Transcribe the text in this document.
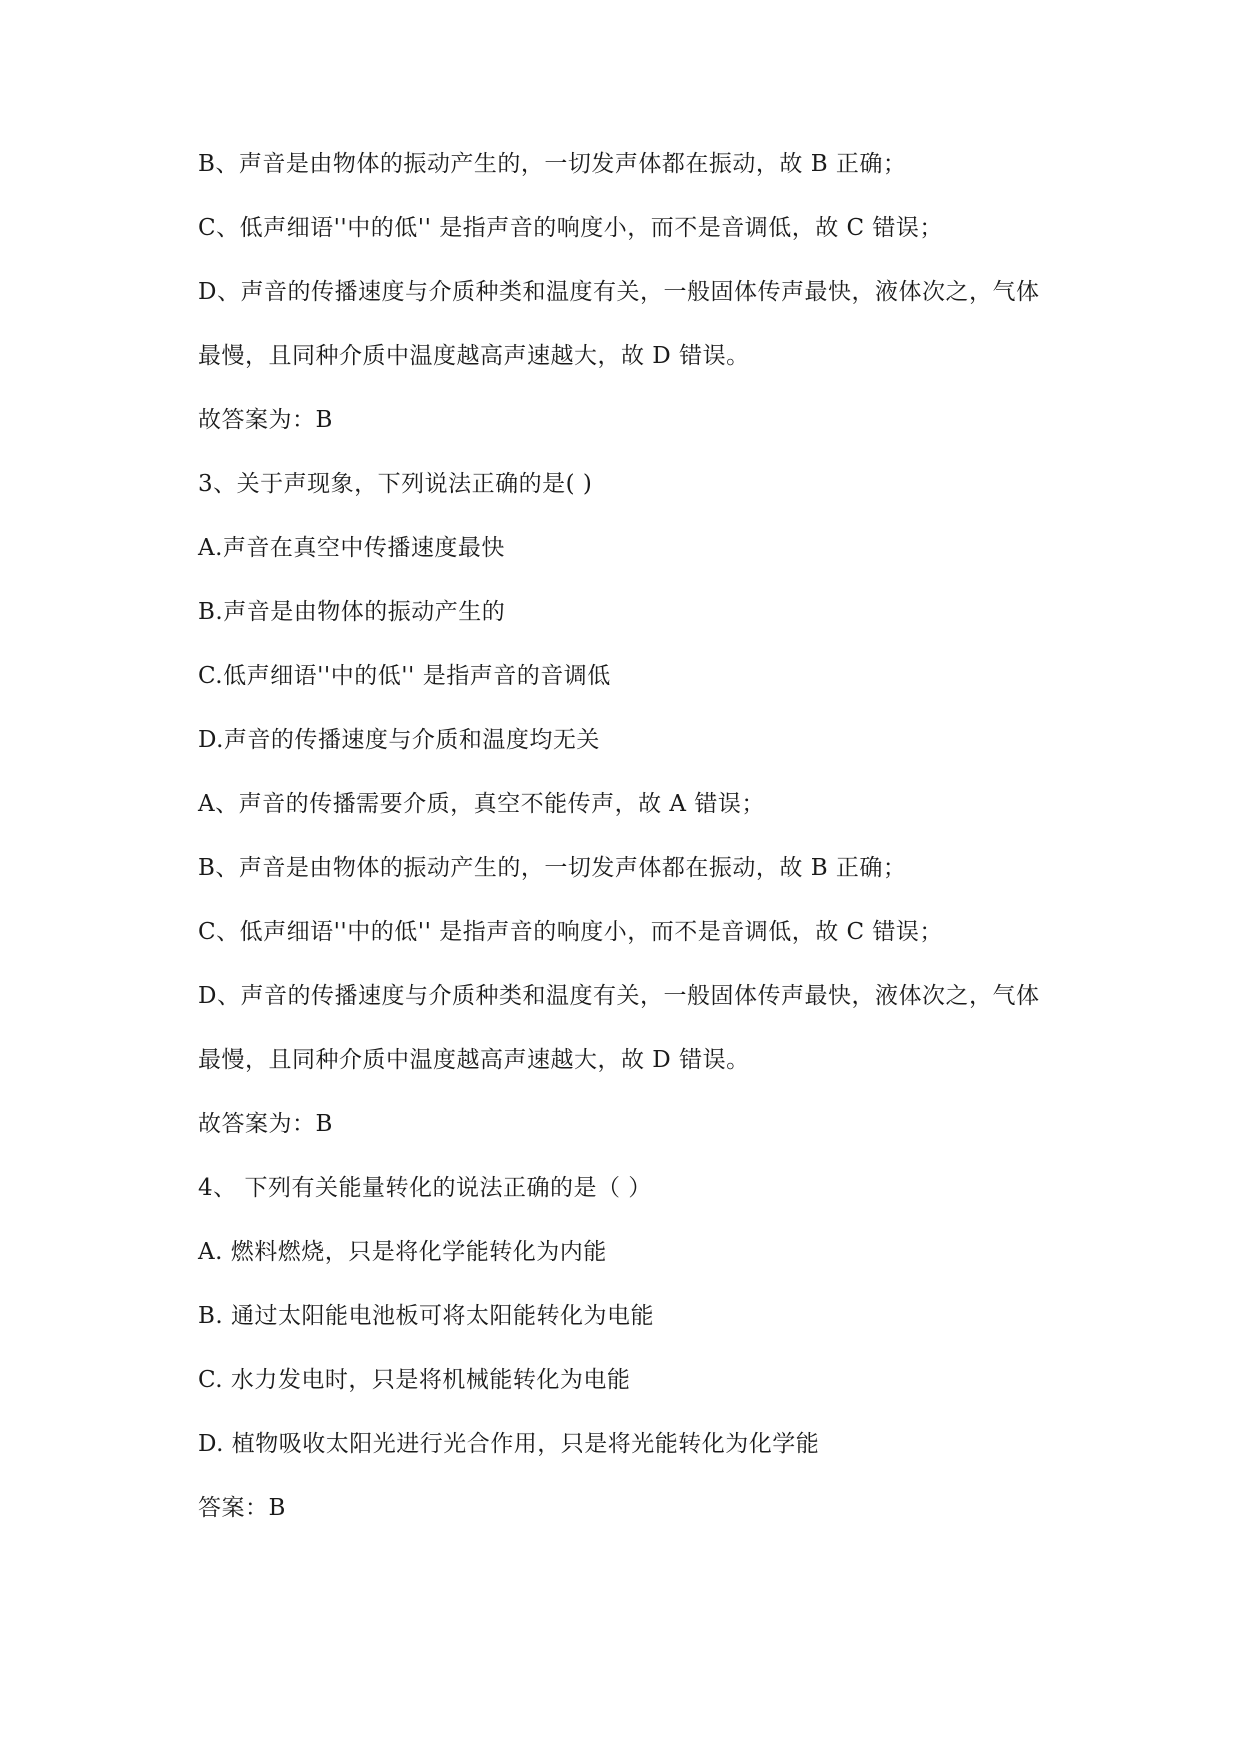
B、声音是由物体的振动产生的，一切发声体都在振动，故 B 正确；
C、低声细语''中的低'' 是指声音的响度小，而不是音调低，故 C 错误；
D、声音的传播速度与介质种类和温度有关，一般固体传声最快，液体次之，气体
最慢，且同种介质中温度越高声速越大，故 D 错误。
故答案为：B
3、关于声现象，下列说法正确的是( )
A.声音在真空中传播速度最快
B.声音是由物体的振动产生的
C.低声细语''中的低'' 是指声音的音调低
D.声音的传播速度与介质和温度均无关
A、声音的传播需要介质，真空不能传声，故 A 错误；
B、声音是由物体的振动产生的，一切发声体都在振动，故 B 正确；
C、低声细语''中的低'' 是指声音的响度小，而不是音调低，故 C 错误；
D、声音的传播速度与介质种类和温度有关，一般固体传声最快，液体次之，气体
最慢，且同种介质中温度越高声速越大，故 D 错误。
故答案为：B
4、 下列有关能量转化的说法正确的是（ ）
A. 燃料燃烧，只是将化学能转化为内能
B. 通过太阳能电池板可将太阳能转化为电能
C. 水力发电时，只是将机械能转化为电能
D. 植物吸收太阳光进行光合作用，只是将光能转化为化学能
答案：B
